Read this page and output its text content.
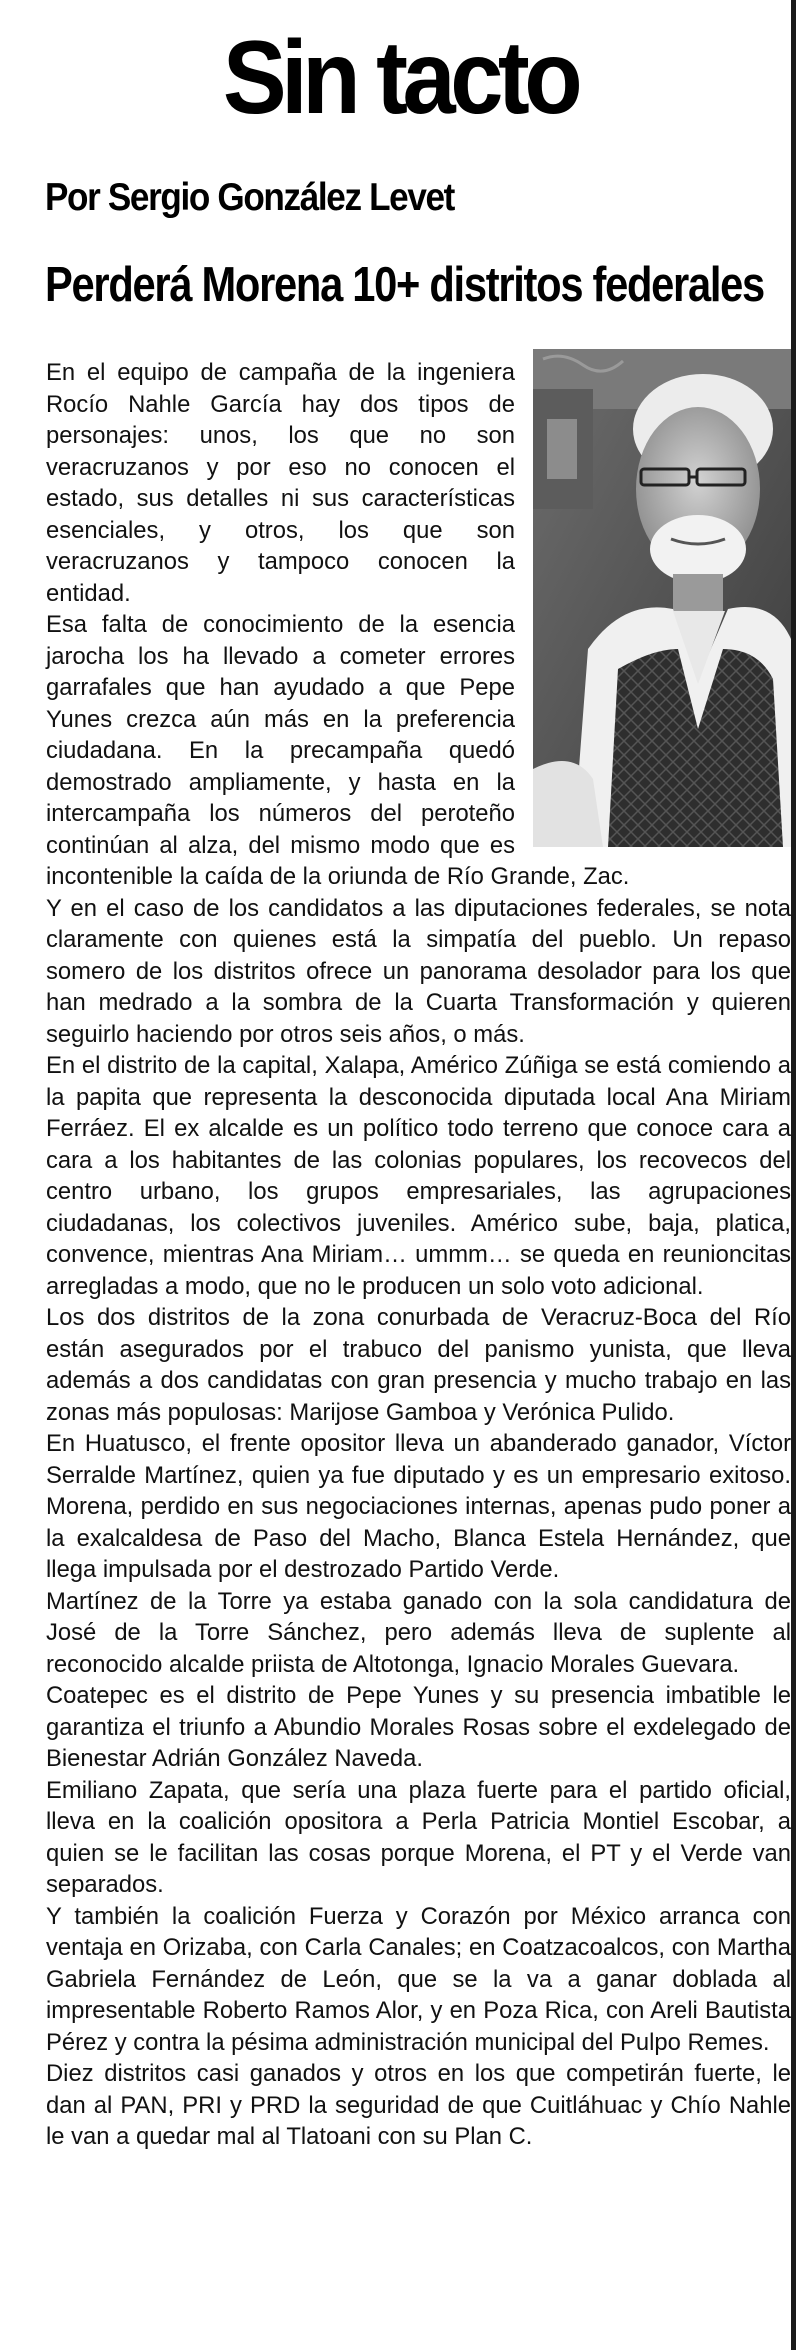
Sin tacto
Por Sergio González Levet
Perderá Morena 10+ distritos federales

En el equipo de campaña de la ingeniera Rocío Nahle García hay dos tipos de personajes: unos, los que no son veracruzanos y por eso no conocen el estado, sus detalles ni sus características esenciales, y otros, los que son veracruzanos y tampoco conocen la entidad.

Esa falta de conocimiento de la esencia jarocha los ha llevado a cometer errores garrafales que han ayudado a que Pepe Yunes crezca aún más en la preferencia ciudadana. En la precampaña quedó demostrado ampliamente, y hasta en la intercampaña los números del peroteño continúan al alza, del mismo modo que es incontenible la caída de la oriunda de Río Grande, Zac.

Y en el caso de los candidatos a las diputaciones federales, se nota claramente con quienes está la simpatía del pueblo. Un repaso somero de los distritos ofrece un panorama desolador para los que han medrado a la sombra de la Cuarta Transformación y quieren seguirlo haciendo por otros seis años, o más.

En el distrito de la capital, Xalapa, Américo Zúñiga se está comiendo a la papita que representa la desconocida diputada local Ana Miriam Ferráez. El ex alcalde es un político todo terreno que conoce cara a cara a los habitantes de las colonias populares, los recovecos del centro urbano, los grupos empresariales, las agrupaciones ciudadanas, los colectivos juveniles. Américo sube, baja, platica, convence, mientras Ana Miriam… ummm… se queda en reunioncitas arregladas a modo, que no le producen un solo voto adicional.

Los dos distritos de la zona conurbada de Veracruz-Boca del Río están asegurados por el trabuco del panismo yunista, que lleva además a dos candidatas con gran presencia y mucho trabajo en las zonas más populosas: Marijose Gamboa y Verónica Pulido.

En Huatusco, el frente opositor lleva un abanderado ganador, Víctor Serralde Martínez, quien ya fue diputado y es un empresario exitoso. Morena, perdido en sus negociaciones internas, apenas pudo poner a la exalcaldesa de Paso del Macho, Blanca Estela Hernández, que llega impulsada por el destrozado Partido Verde.

Martínez de la Torre ya estaba ganado con la sola candidatura de José de la Torre Sánchez, pero además lleva de suplente al reconocido alcalde priista de Altotonga, Ignacio Morales Guevara.

Coatepec es el distrito de Pepe Yunes y su presencia imbatible le garantiza el triunfo a Abundio Morales Rosas sobre el exdelegado de Bienestar Adrián González Naveda.

Emiliano Zapata, que sería una plaza fuerte para el partido oficial, lleva en la coalición opositora a Perla Patricia Montiel Escobar, a quien se le facilitan las cosas porque Morena, el PT y el Verde van separados.

Y también la coalición Fuerza y Corazón por México arranca con ventaja en Orizaba, con Carla Canales; en Coatzacoalcos, con Martha Gabriela Fernández de León, que se la va a ganar doblada al impresentable Roberto Ramos Alor, y en Poza Rica, con Areli Bautista Pérez y contra la pésima administración municipal del Pulpo Remes.

Diez distritos casi ganados y otros en los que competirán fuerte, le dan al PAN, PRI y PRD la seguridad de que Cuitláhuac y Chío Nahle le van a quedar mal al Tlatoani con su Plan C.
